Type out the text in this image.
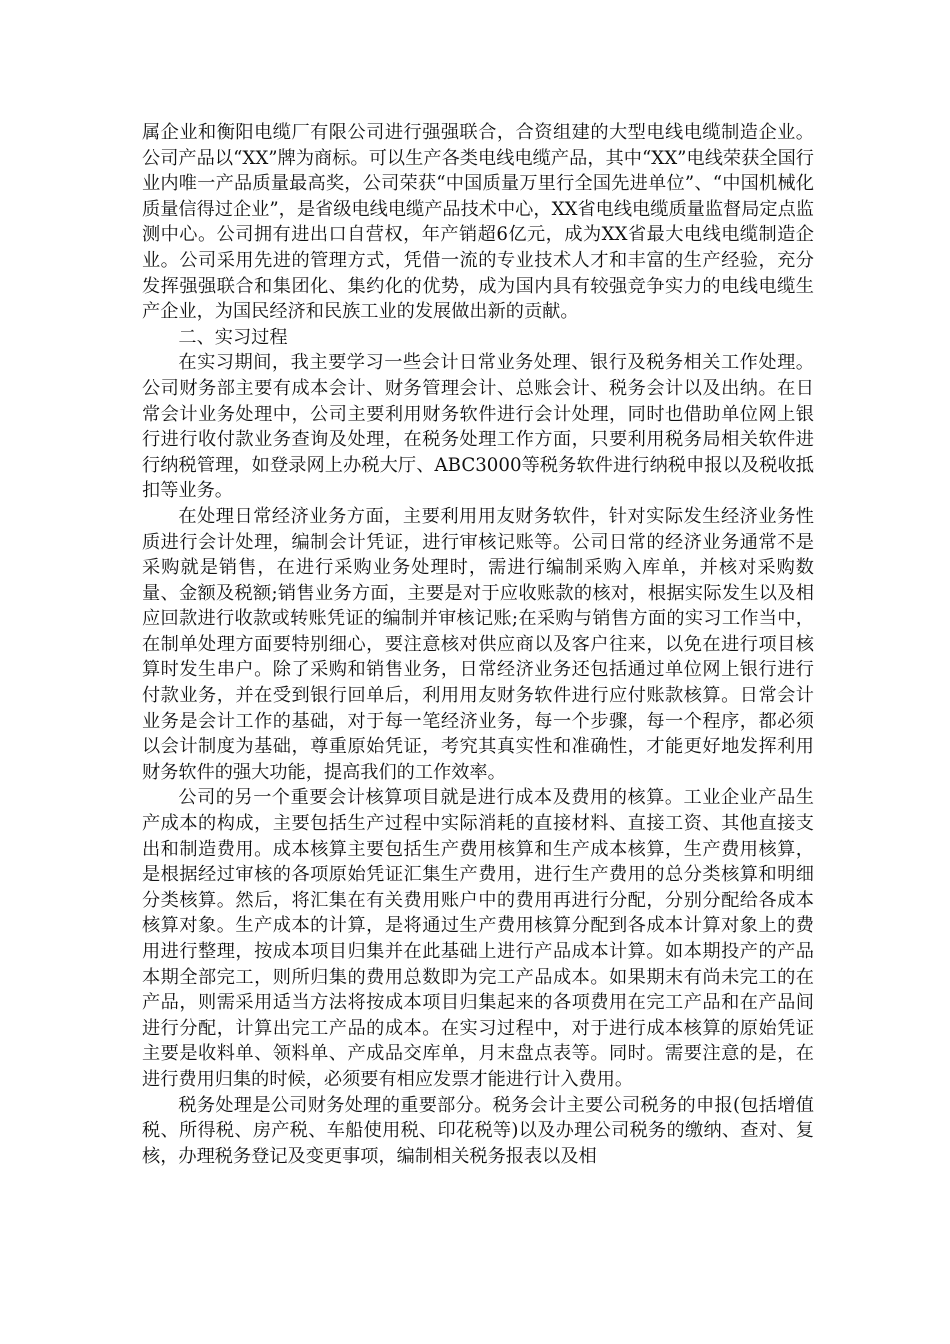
属企业和衡阳电缆厂有限公司进行强强联合，合资组建的大型电线电缆制造企业。公司产品以“XX”牌为商标。可以生产各类电线电缆产品，其中“XX”电线荣获全国行业内唯一产品质量最高奖，公司荣获“中国质量万里行全国先进单位”、“中国机械化质量信得过企业”，是省级电线电缆产品技术中心，XX省电线电缆质量监督局定点监测中心。公司拥有进出口自营权，年产销超6亿元，成为XX省最大电线电缆制造企业。公司采用先进的管理方式，凭借一流的专业技术人才和丰富的生产经验，充分发挥强强联合和集团化、集约化的优势，成为国内具有较强竞争实力的电线电缆生产企业，为国民经济和民族工业的发展做出新的贡献。

二、实习过程

在实习期间，我主要学习一些会计日常业务处理、银行及税务相关工作处理。公司财务部主要有成本会计、财务管理会计、总账会计、税务会计以及出纳。在日常会计业务处理中，公司主要利用财务软件进行会计处理，同时也借助单位网上银行进行收付款业务查询及处理，在税务处理工作方面，只要利用税务局相关软件进行纳税管理，如登录网上办税大厅、ABC3000等税务软件进行纳税申报以及税收抵扣等业务。

在处理日常经济业务方面，主要利用用友财务软件，针对实际发生经济业务性质进行会计处理，编制会计凭证，进行审核记账等。公司日常的经济业务通常不是采购就是销售，在进行采购业务处理时，需进行编制采购入库单，并核对采购数量、金额及税额;销售业务方面，主要是对于应收账款的核对，根据实际发生以及相应回款进行收款或转账凭证的编制并审核记账;在采购与销售方面的实习工作当中，在制单处理方面要特别细心，要注意核对供应商以及客户往来，以免在进行项目核算时发生串户。除了采购和销售业务，日常经济业务还包括通过单位网上银行进行付款业务，并在受到银行回单后，利用用友财务软件进行应付账款核算。日常会计业务是会计工作的基础，对于每一笔经济业务，每一个步骤，每一个程序，都必须以会计制度为基础，尊重原始凭证，考究其真实性和准确性，才能更好地发挥利用财务软件的强大功能，提高我们的工作效率。

公司的另一个重要会计核算项目就是进行成本及费用的核算。工业企业产品生产成本的构成，主要包括生产过程中实际消耗的直接材料、直接工资、其他直接支出和制造费用。成本核算主要包括生产费用核算和生产成本核算，生产费用核算，是根据经过审核的各项原始凭证汇集生产费用，进行生产费用的总分类核算和明细分类核算。然后，将汇集在有关费用账户中的费用再进行分配，分别分配给各成本核算对象。生产成本的计算，是将通过生产费用核算分配到各成本计算对象上的费用进行整理，按成本项目归集并在此基础上进行产品成本计算。如本期投产的产品本期全部完工，则所归集的费用总数即为完工产品成本。如果期末有尚未完工的在产品，则需采用适当方法将按成本项目归集起来的各项费用在完工产品和在产品间进行分配，计算出完工产品的成本。在实习过程中，对于进行成本核算的原始凭证主要是收料单、领料单、产成品交库单，月末盘点表等。同时。需要注意的是，在进行费用归集的时候，必须要有相应发票才能进行计入费用。

税务处理是公司财务处理的重要部分。税务会计主要公司税务的申报(包括增值税、所得税、房产税、车船使用税、印花税等)以及办理公司税务的缴纳、查对、复核，办理税务登记及变更事项，编制相关税务报表以及相
